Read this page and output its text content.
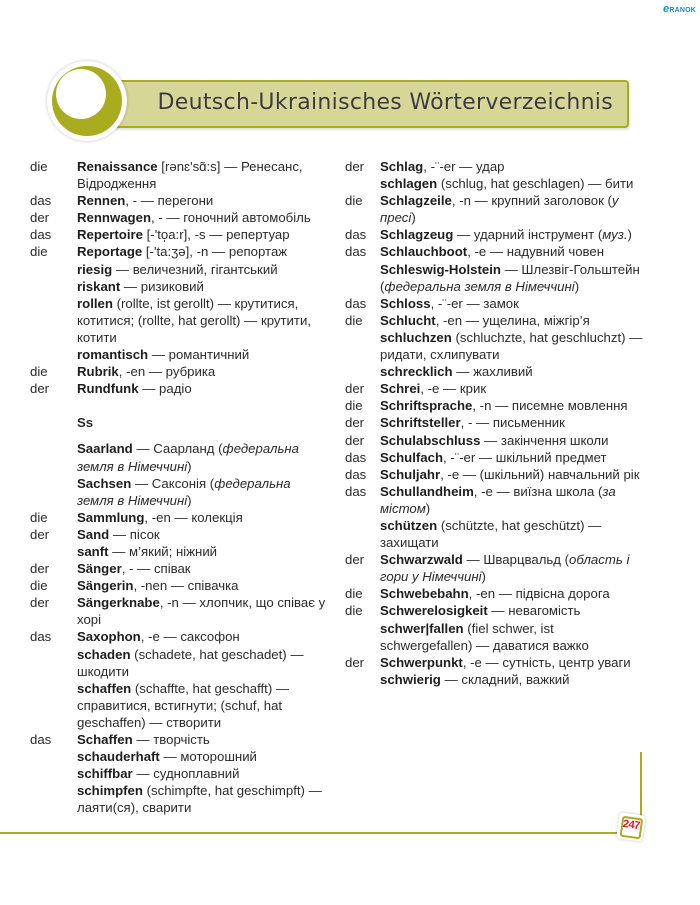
eRANOK
Deutsch-Ukrainisches Wörterverzeichnis
die	Renaissance [rənɛ'sɑ̃:s] — Ренесанс, Відродження
das	Rennen, - — перегони
der	Rennwagen, - — гоночний автомобіль
das	Repertoire [-'to̩a:r], -s — репертуар
die	Reportage [-'ta:ʒə], -n — репортаж
riesig — величезний, гігантський
riskant — ризиковий
rollen (rollte, ist gerollt) — крутитися, котитися; (rollte, hat gerollt) — крутити, котити
romantisch — романтичний
die	Rubrik, -en — рубрика
der	Rundfunk — радіо
Ss
Saarland — Саарланд (федеральна земля в Німеччині)
Sachsen — Саксонія (федеральна земля в Німеччині)
die	Sammlung, -en — колекція
der	Sand — пісок
sanft — м’який; ніжний
der	Sänger, - — співак
die	Sängerin, -nen — співачка
der	Sängerknabe, -n — хлопчик, що співає у хорі
das	Saxophon, -e — саксофон
schaden (schadete, hat geschadet) — шкодити
schaffen (schaffte, hat geschafft) — справитися, встигнути; (schuf, hat geschaffen) — створити
das	Schaffen — творчість
schauderhaft — моторошний
schiffbar — судноплавний
schimpfen (schimpfte, hat geschimpft) — лаяти(ся), сварити
der	Schlag, -¨-er — удар
schlagen (schlug, hat geschlagen) — бити
die	Schlagzeile, -n — крупний заголовок (у пресі)
das	Schlagzeug — ударний інструмент (муз.)
das	Schlauchboot, -e — надувний човен
Schleswig-Holstein — Шлезвіг-Гольштейн (федеральна земля в Німеччині)
das	Schloss, -¨-er — замок
die	Schlucht, -en — ущелина, міжгір’я
schluchzen (schluchzte, hat geschluchzt) — ридати, схлипувати
schrecklich — жахливий
der	Schrei, -e — крик
die	Schriftsprache, -n — писемне мовлення
der	Schriftsteller, - — письменник
der	Schulabschluss — закінчення школи
das	Schulfach, -¨-er — шкільний предмет
das	Schuljahr, -e — (шкільний) навчальний рік
das	Schullandheim, -e — виїзна школа (за містом)
schützen (schützte, hat geschützt) — захищати
der	Schwarzwald — Шварцвальд (область і гори у Німеччині)
die	Schwebebahn, -en — підвісна дорога
die	Schwerelosigkeit — невагомість
schwer|fallen (fiel schwer, ist schwergefallen) — даватися важко
der	Schwerpunkt, -e — сутність, центр уваги
schwierig — складний, важкий
247
